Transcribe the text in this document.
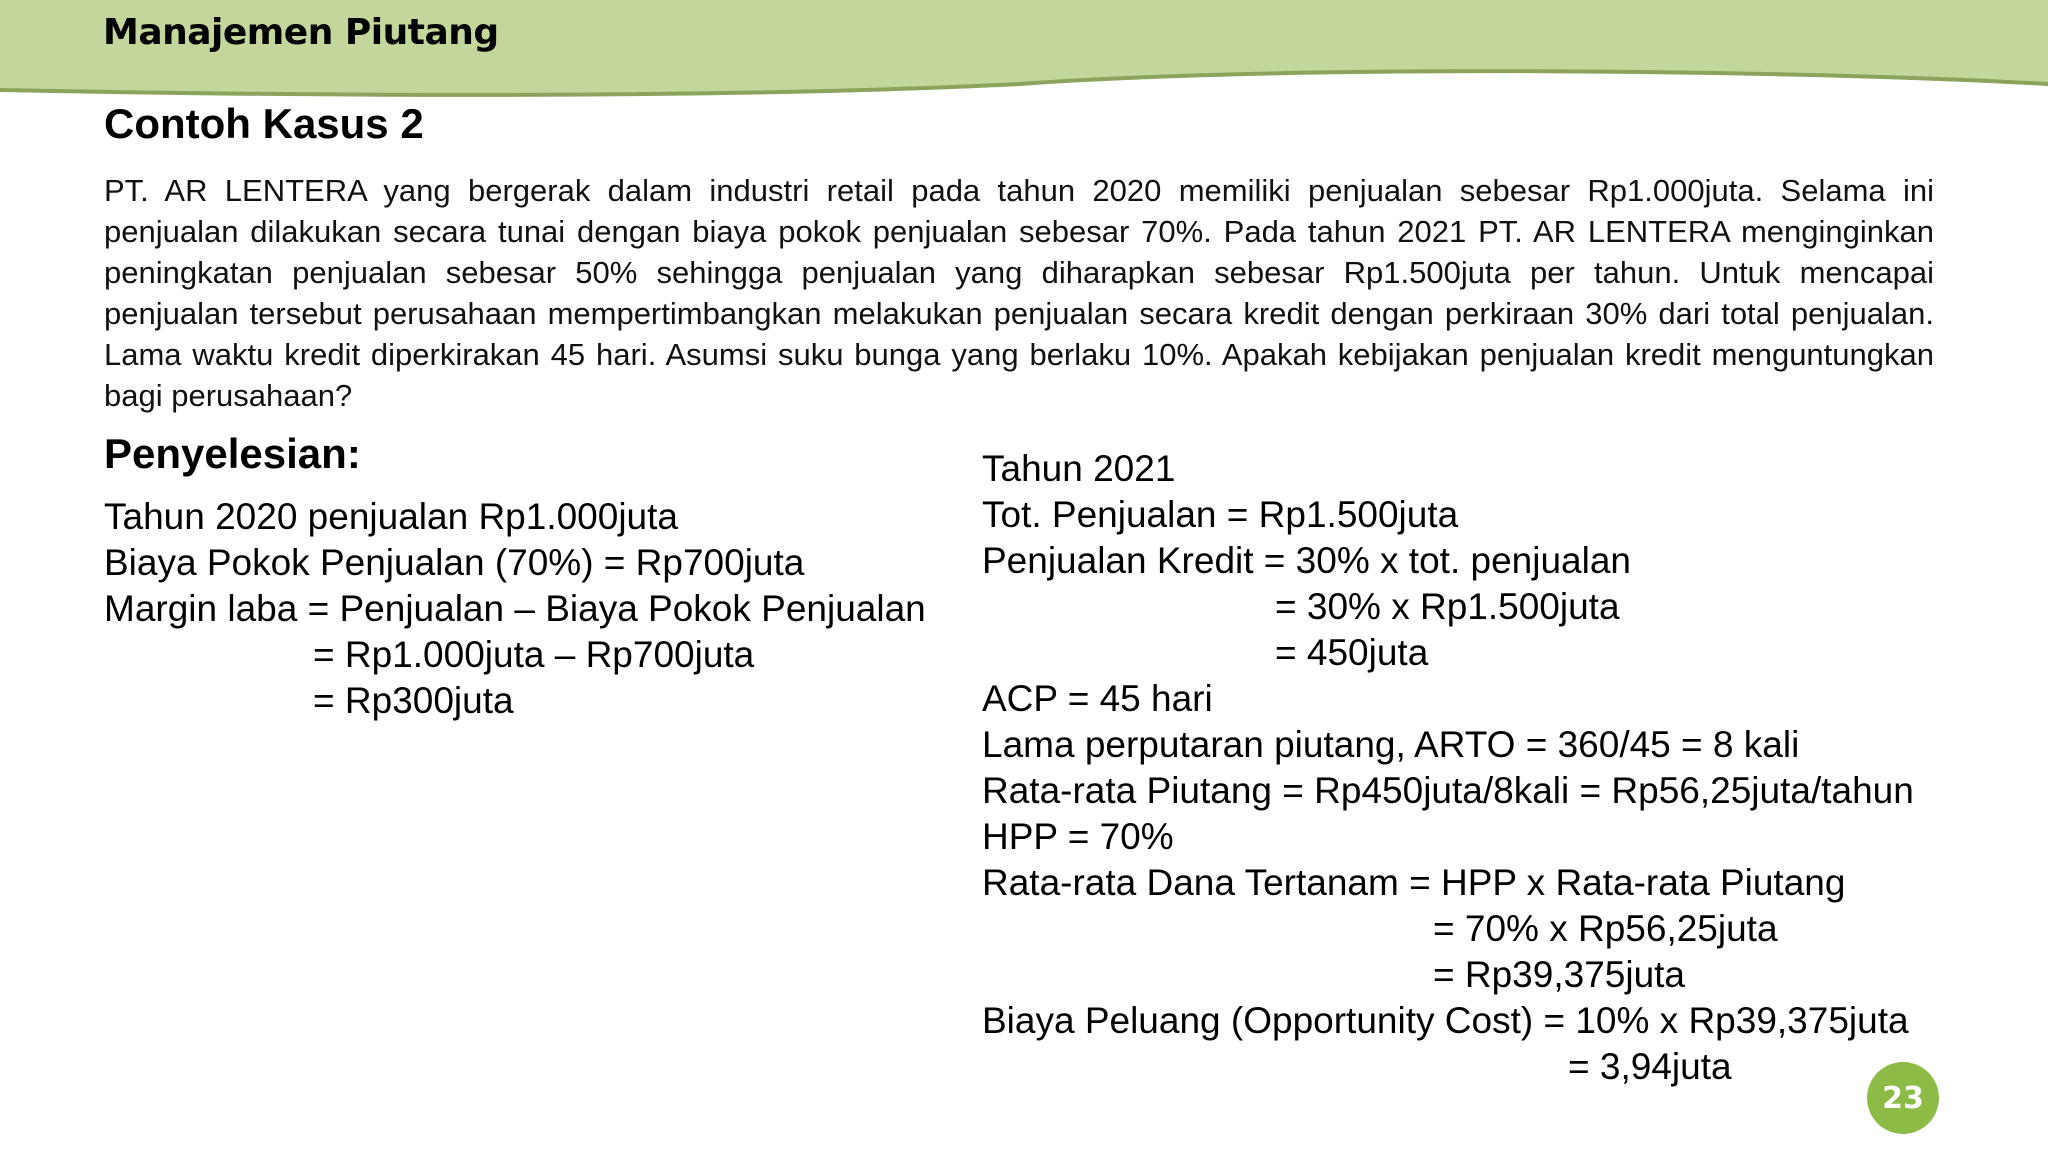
Manajemen Piutang
Contoh Kasus 2
PT. AR LENTERA yang bergerak dalam industri retail pada tahun 2020 memiliki penjualan sebesar Rp1.000juta. Selama ini penjualan dilakukan secara tunai dengan biaya pokok penjualan sebesar 70%. Pada tahun 2021 PT. AR LENTERA menginginkan peningkatan penjualan sebesar 50% sehingga penjualan yang diharapkan sebesar Rp1.500juta per tahun. Untuk mencapai penjualan tersebut perusahaan mempertimbangkan melakukan penjualan secara kredit dengan perkiraan 30% dari total penjualan. Lama waktu kredit diperkirakan 45 hari. Asumsi suku bunga yang berlaku 10%. Apakah kebijakan penjualan kredit menguntungkan bagi perusahaan?
Penyelesian:
Tahun 2020 penjualan Rp1.000juta
Biaya Pokok Penjualan (70%) = Rp700juta
Margin laba = Penjualan – Biaya Pokok Penjualan
= Rp1.000juta – Rp700juta
= Rp300juta
Tahun 2021
Tot. Penjualan = Rp1.500juta
Penjualan Kredit = 30% x tot. penjualan
= 30% x Rp1.500juta
= 450juta
ACP = 45 hari
Lama perputaran piutang, ARTO = 360/45 = 8 kali
Rata-rata Piutang = Rp450juta/8kali = Rp56,25juta/tahun
HPP = 70%
Rata-rata Dana Tertanam = HPP x Rata-rata Piutang
= 70% x Rp56,25juta
= Rp39,375juta
Biaya Peluang (Opportunity Cost) = 10% x Rp39,375juta
= 3,94juta
23
